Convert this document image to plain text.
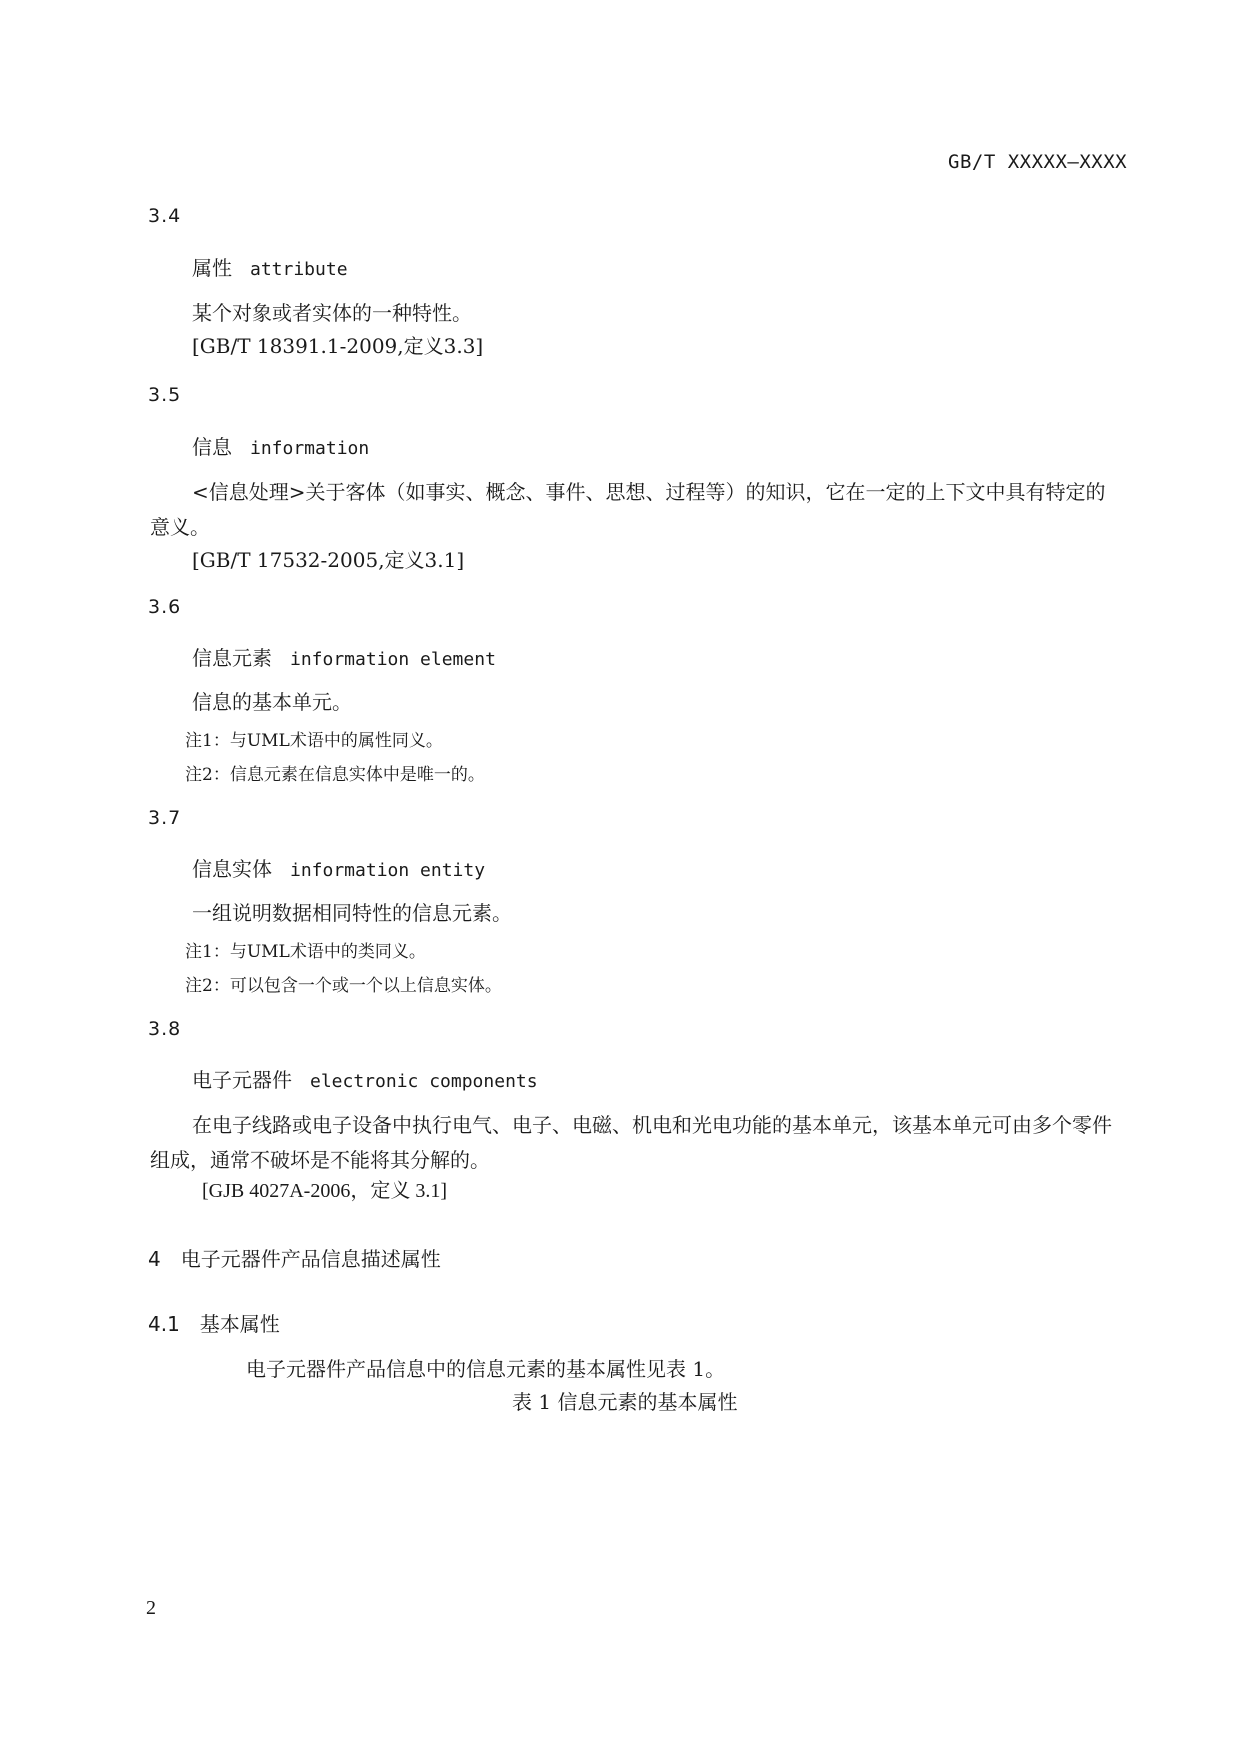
GB/T XXXXX—XXXX
3.4
属性 attribute
某个对象或者实体的一种特性。
[GB/T 18391.1-2009,定义3.3]
3.5
信息 information
<信息处理>关于客体（如事实、概念、事件、思想、过程等）的知识，它在一定的上下文中具有特定的意义。
[GB/T 17532-2005,定义3.1]
3.6
信息元素 information element
信息的基本单元。
注1：与UML术语中的属性同义。
注2：信息元素在信息实体中是唯一的。
3.7
信息实体 information entity
一组说明数据相同特性的信息元素。
注1：与UML术语中的类同义。
注2：可以包含一个或一个以上信息实体。
3.8
电子元器件 electronic components
在电子线路或电子设备中执行电气、电子、电磁、机电和光电功能的基本单元，该基本单元可由多个零件组成，通常不破坏是不能将其分解的。
[GJB 4027A-2006，定义 3.1]
4　电子元器件产品信息描述属性
4.1　基本属性
电子元器件产品信息中的信息元素的基本属性见表 1。
表 1 信息元素的基本属性
2
